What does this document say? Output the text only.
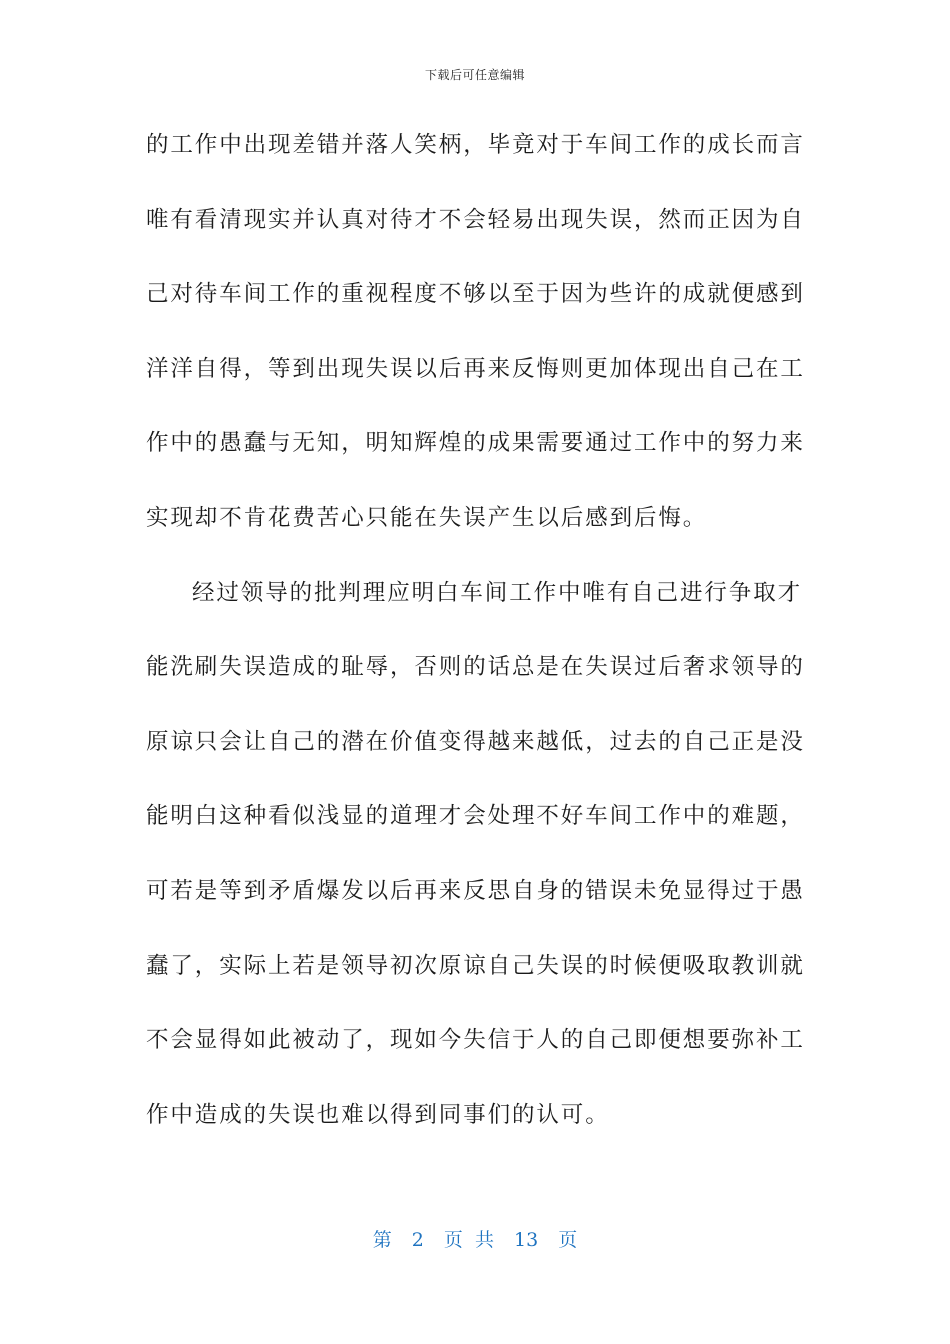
下载后可任意编辑
的工作中出现差错并落人笑柄，毕竟对于车间工作的成长而言
唯有看清现实并认真对待才不会轻易出现失误，然而正因为自
己对待车间工作的重视程度不够以至于因为些许的成就便感到
洋洋自得，等到出现失误以后再来反悔则更加体现出自己在工
作中的愚蠢与无知，明知辉煌的成果需要通过工作中的努力来
实现却不肯花费苦心只能在失误产生以后感到后悔。
经过领导的批判理应明白车间工作中唯有自己进行争取才
能洗刷失误造成的耻辱，否则的话总是在失误过后奢求领导的
原谅只会让自己的潜在价值变得越来越低，过去的自己正是没
能明白这种看似浅显的道理才会处理不好车间工作中的难题，
可若是等到矛盾爆发以后再来反思自身的错误未免显得过于愚
蠢了，实际上若是领导初次原谅自己失误的时候便吸取教训就
不会显得如此被动了，现如今失信于人的自己即便想要弥补工
作中造成的失误也难以得到同事们的认可。
第 2 页 共 13 页
